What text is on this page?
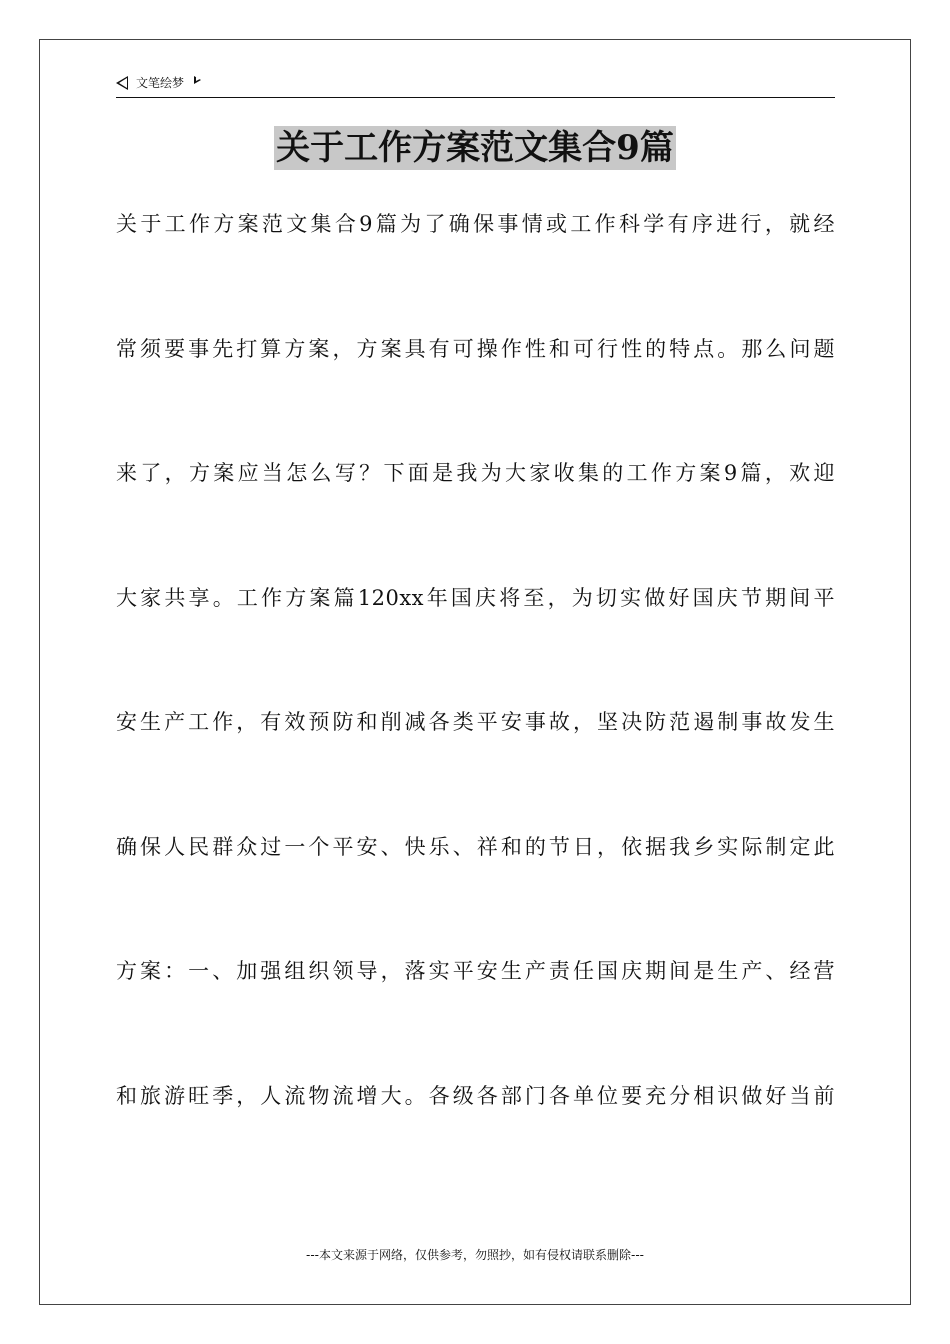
文笔绘梦
关于工作方案范文集合9篇
关于工作方案范文集合9篇为了确保事情或工作科学有序进行，就经
常须要事先打算方案，方案具有可操作性和可行性的特点。那么问题
来了，方案应当怎么写？下面是我为大家收集的工作方案9篇，欢迎
大家共享。工作方案篇120xx年国庆将至，为切实做好国庆节期间平
安生产工作，有效预防和削减各类平安事故，坚决防范遏制事故发生
确保人民群众过一个平安、快乐、祥和的节日，依据我乡实际制定此
方案：一、加强组织领导，落实平安生产责任国庆期间是生产、经营
和旅游旺季，人流物流增大。各级各部门各单位要充分相识做好当前
---本文来源于网络，仅供参考，勿照抄，如有侵权请联系删除---
